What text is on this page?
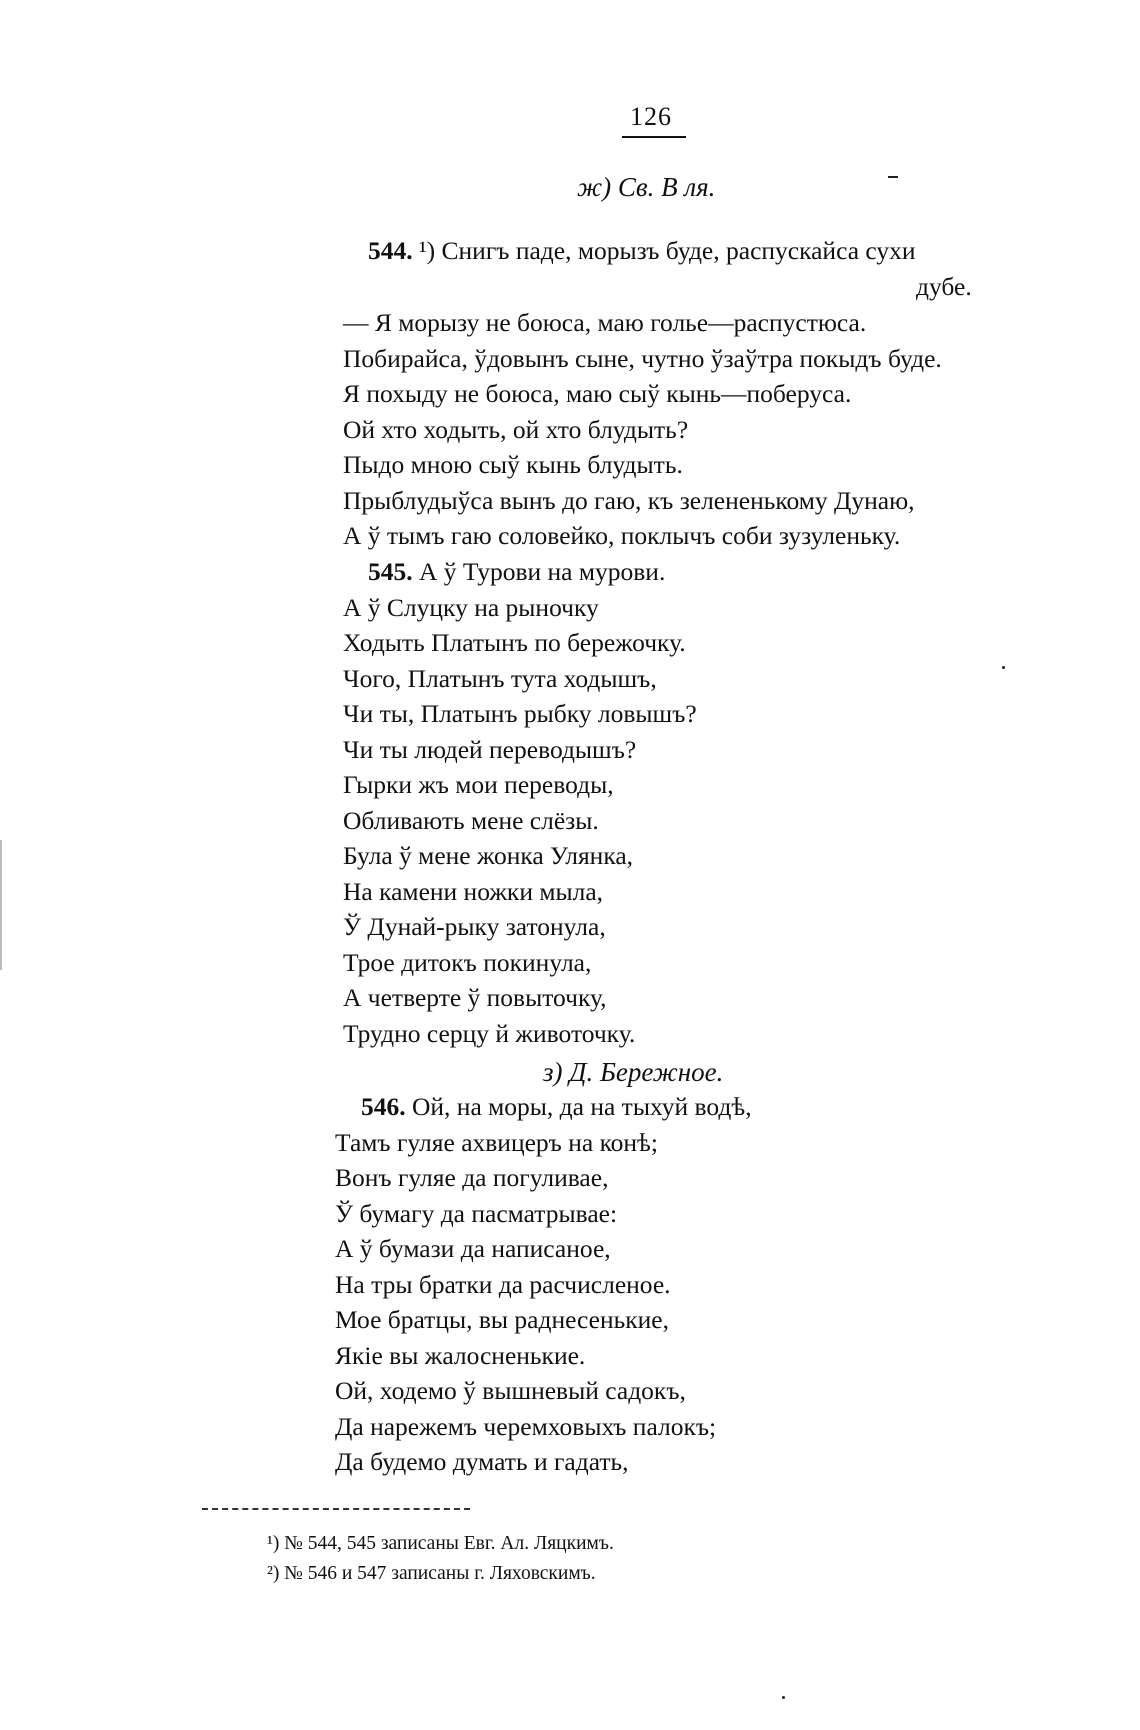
126
ж) Св. В ля.
544. ¹) Снигъ паде, морызъ буде, распускайса сухи
дубе.
— Я морызу не боюса, маю голье—распустюса.
Побирайса, ўдовынъ сыне, чутно ўзаўтра покыдъ буде.
Я похыду не боюса, маю сыў кынь—поберуса.
Ой хто ходыть, ой хто блудыть?
Пыдо мною сыў кынь блудыть.
Прыблудыўса вынъ до гаю, къ зелененькому Дунаю,
А ў тымъ гаю соловейко, поклычъ соби зузуленьку.
545. А ў Турови на мурови.
А ў Слуцку на рыночку
Ходыть Платынъ по бережочку.
Чого, Платынъ тута ходышъ,
Чи ты, Платынъ рыбку ловышъ?
Чи ты людей переводышъ?
Гырки жъ мои переводы,
Обливають мене слёзы.
Була ў мене жонка Улянка,
На камени ножки мыла,
Ў Дунай-рыку затонула,
Трое дитокъ покинула,
А четверте ў повыточку,
Трудно серцу й животочку.
з) Д. Бережное.
546. Ой, на моры, да на тыхуй водѣ,
Тамъ гуляе ахвицеръ на конѣ;
Вонъ гуляе да погуливае,
Ў бумагу да пасматрывае:
А ў бумази да написаное,
На тры братки да расчисленое.
Мое братцы, вы раднесенькие,
Якіе вы жалосненькие.
Ой, ходемо ў вышневый садокъ,
Да нарежемъ черемховыхъ палокъ;
Да будемо думать и гадать,
¹) № 544, 545 записаны Евг. Ал. Ляцкимъ.
²) № 546 и 547 записаны г. Ляховскимъ.
